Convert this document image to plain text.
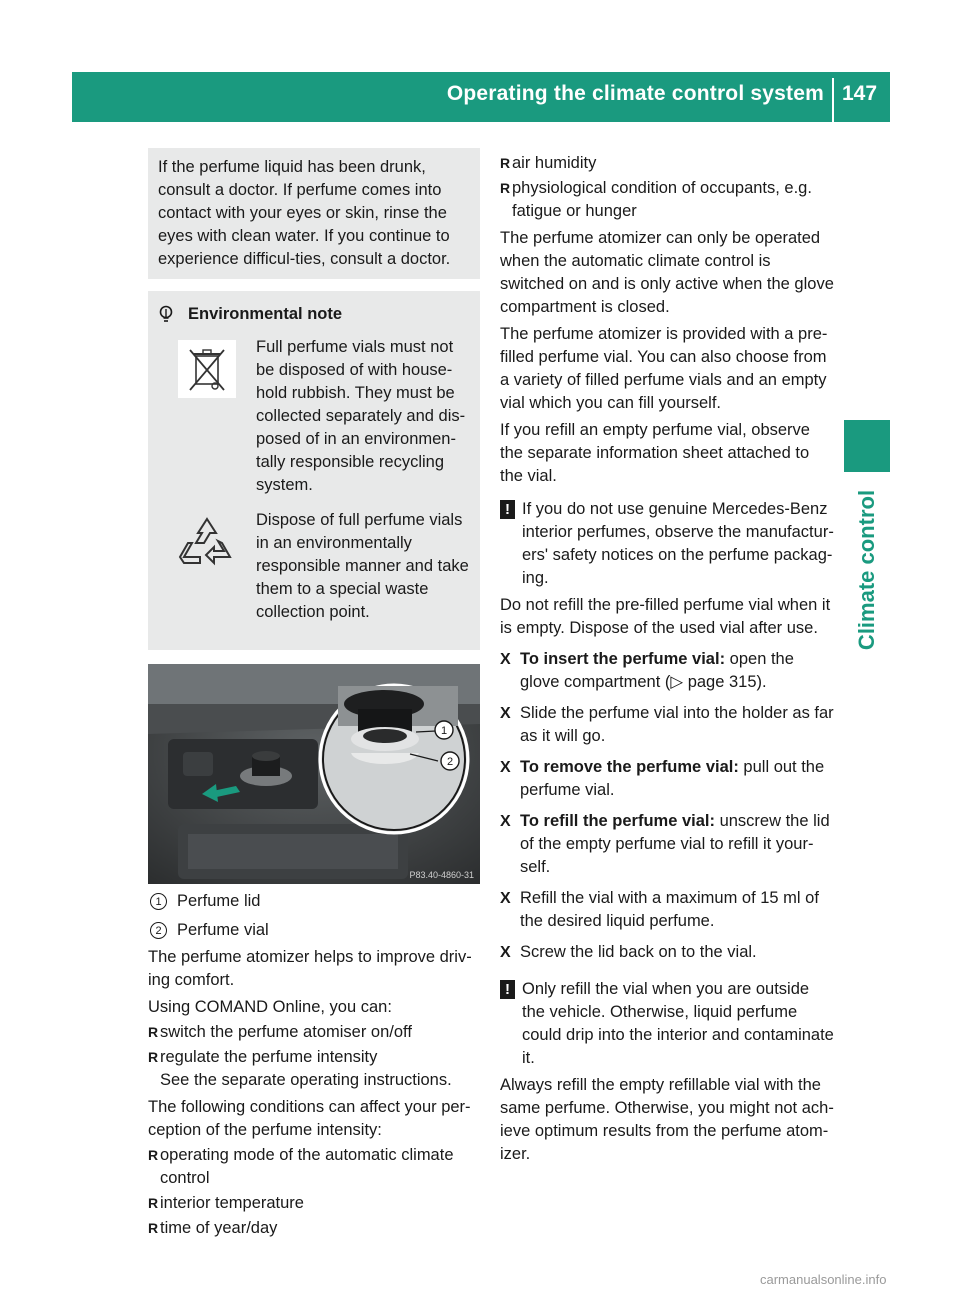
Operating the climate control system 147
Climate control
If the perfume liquid has been drunk, consult a doctor. If perfume comes into contact with your eyes or skin, rinse the eyes with clean water. If you continue to experience difficul-ties, consult a doctor.
Environmental note
Full perfume vials must not be disposed of with house-hold rubbish. They must be collected separately and dis-posed of in an environmen-tally responsible recycling system.
Dispose of full perfume vials in an environmentally responsible manner and take them to a special waste collection point.
1
2
P83.40-4860-31
1 Perfume lid
2 Perfume vial

The perfume atomizer helps to improve driv-ing comfort.

Using COMAND Online, you can:

R switch the perfume atomiser on/off
R regulate the perfume intensity
See the separate operating instructions.

The following conditions can affect your per-ception of the perfume intensity:

R operating mode of the automatic climate control
R interior temperature
R time of year/day
R air humidity
R physiological condition of occupants, e.g. fatigue or hunger

The perfume atomizer can only be operated when the automatic climate control is switched on and is only active when the glove compartment is closed.

The perfume atomizer is provided with a pre-filled perfume vial. You can also choose from a variety of filled perfume vials and an empty vial which you can fill yourself.

If you refill an empty perfume vial, observe the separate information sheet attached to the vial.

! If you do not use genuine Mercedes-Benz interior perfumes, observe the manufactur-ers' safety notices on the perfume packag-ing.

Do not refill the pre-filled perfume vial when it is empty. Dispose of the used vial after use.

X To insert the perfume vial: open the glove compartment (▷ page 315).
X Slide the perfume vial into the holder as far as it will go.
X To remove the perfume vial: pull out the perfume vial.
X To refill the perfume vial: unscrew the lid of the empty perfume vial to refill it your-self.
X Refill the vial with a maximum of 15 ml of the desired liquid perfume.
X Screw the lid back on to the vial.
! Only refill the vial when you are outside the vehicle. Otherwise, liquid perfume could drip into the interior and contaminate it.

Always refill the empty refillable vial with the same perfume. Otherwise, you might not ach-ieve optimum results from the perfume atom-izer.

carmanualsonline.info
